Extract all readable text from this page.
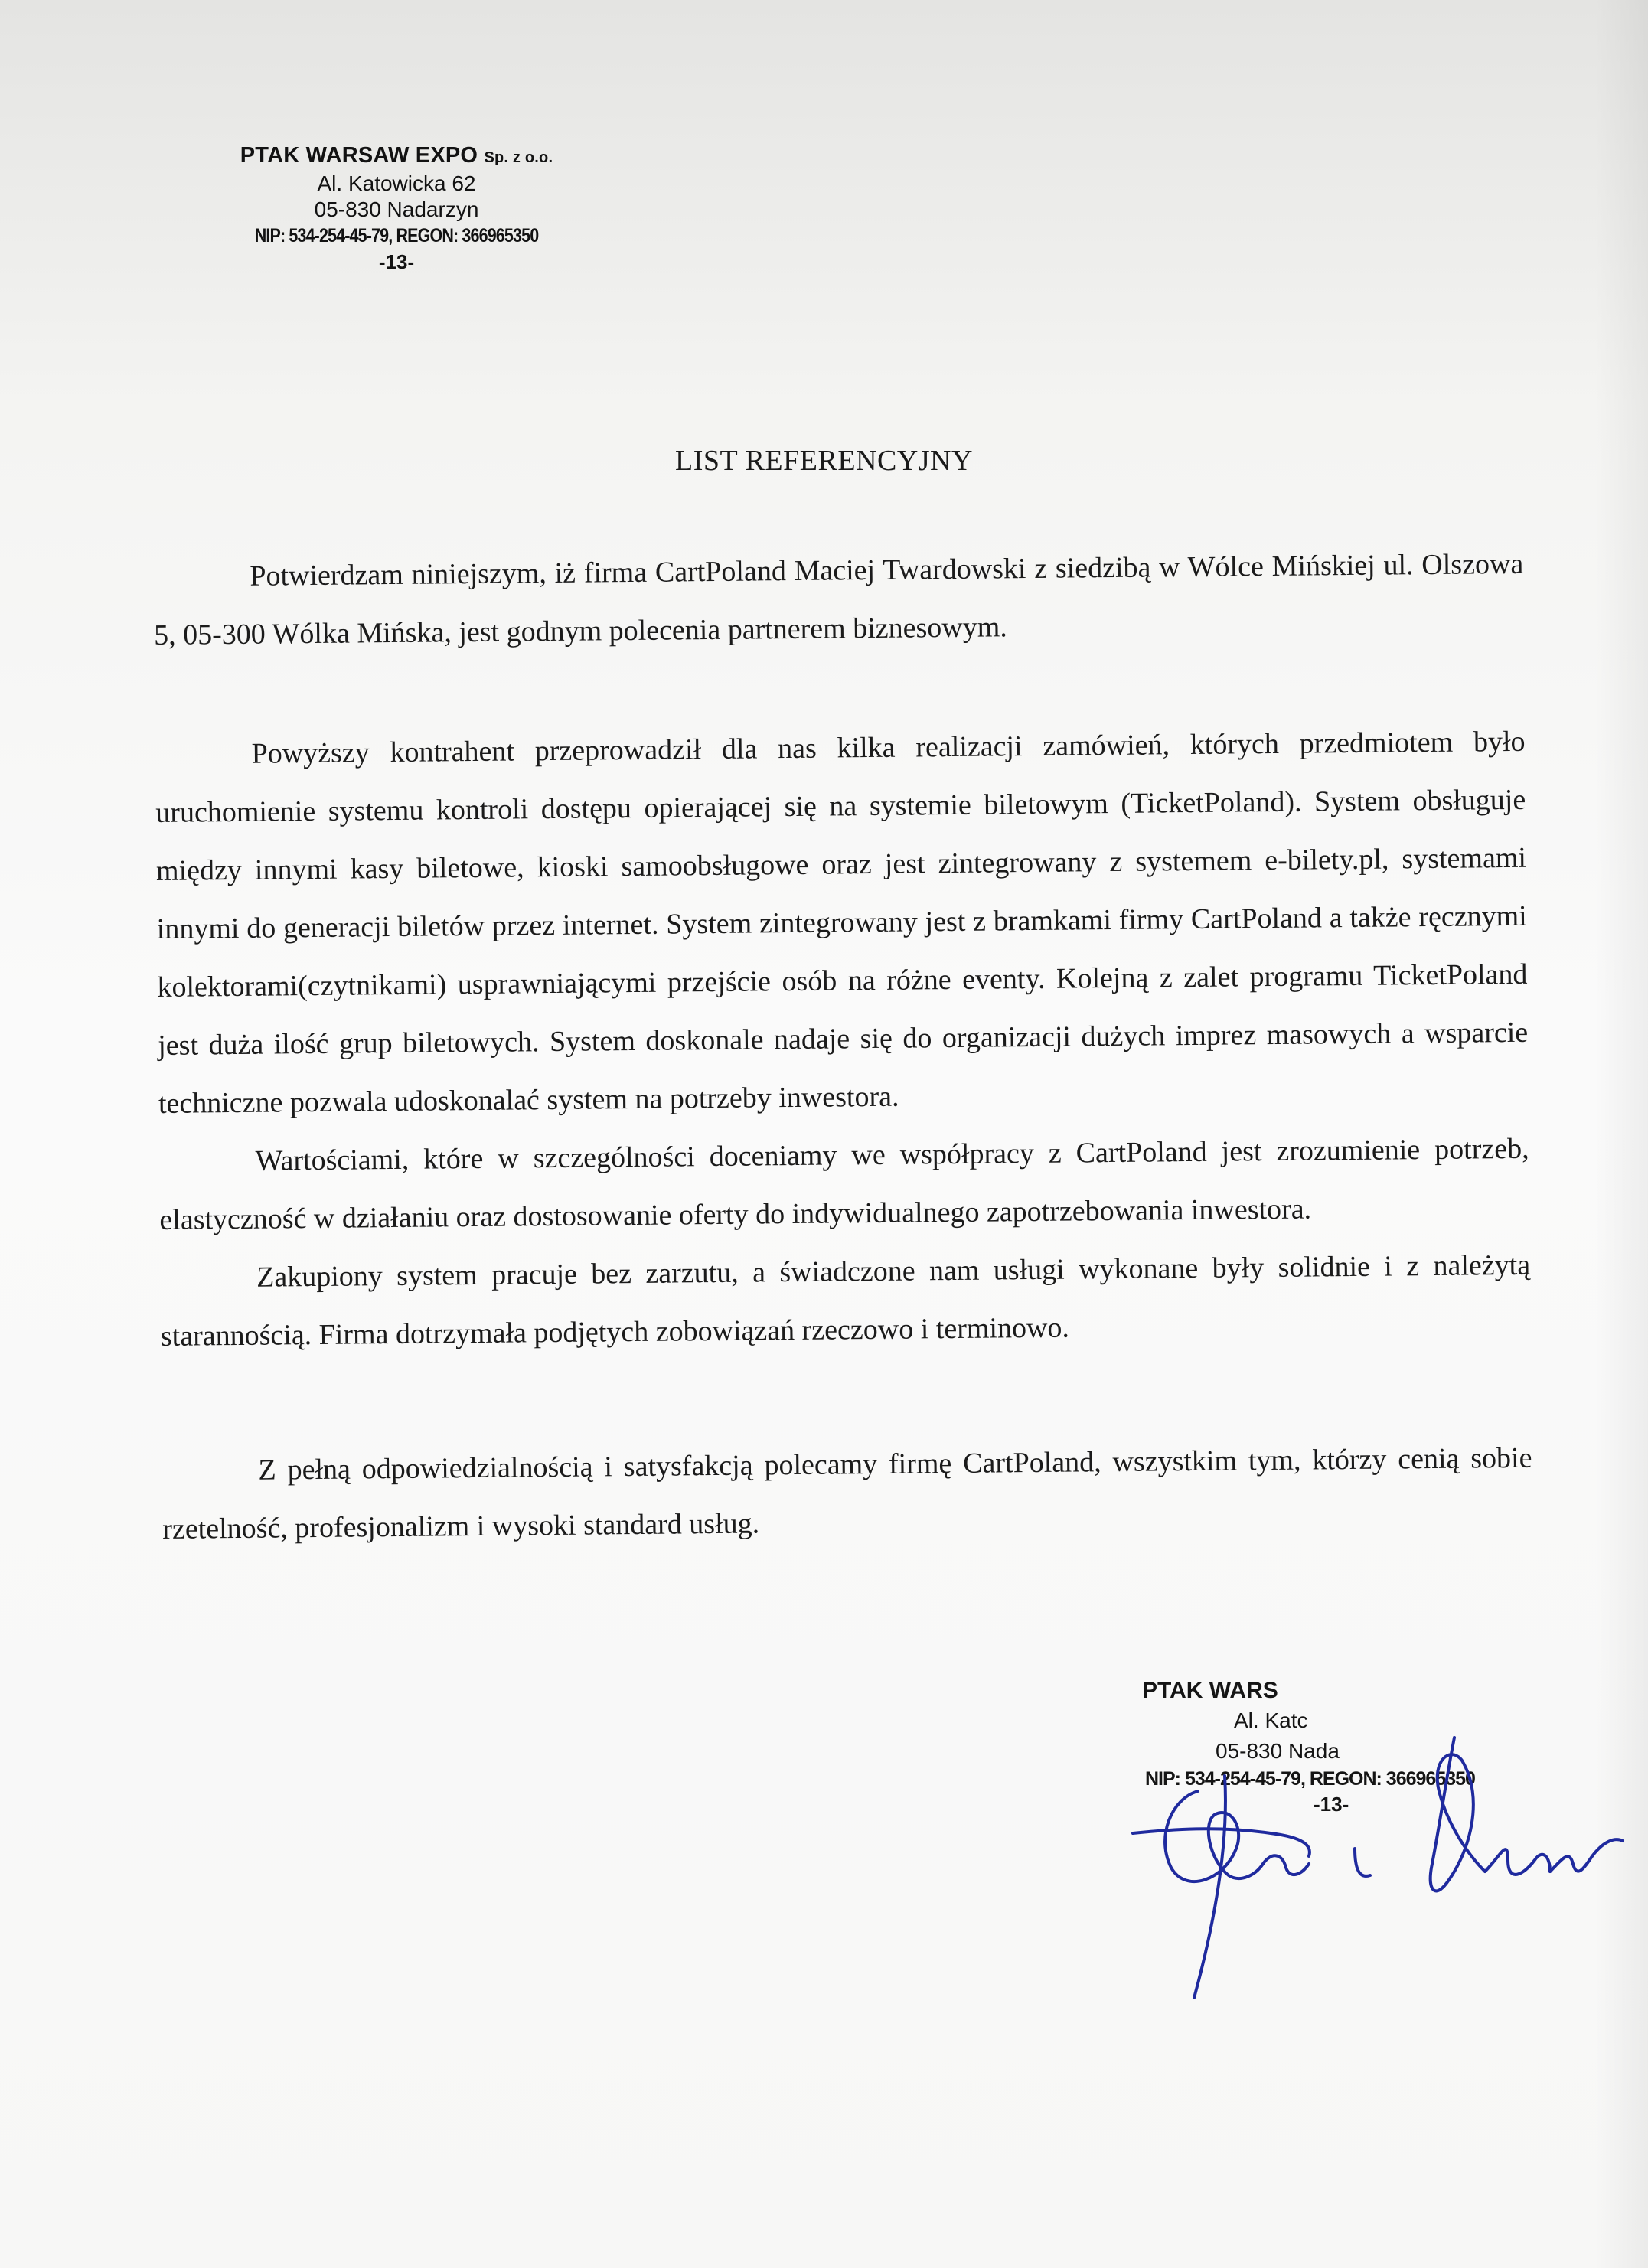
PTAK WARSAW EXPO Sp. z o.o.
Al. Katowicka 62
05-830 Nadarzyn
NIP: 534-254-45-79, REGON: 366965350
-13-
LIST REFERENCYJNY

Potwierdzam niniejszym, iż firma CartPoland Maciej Twardowski z siedzibą w Wólce Mińskiej ul. Olszowa 5, 05-300 Wólka Mińska, jest godnym polecenia partnerem biznesowym.

Powyższy kontrahent przeprowadził dla nas kilka realizacji zamówień, których przedmiotem było uruchomienie systemu kontroli dostępu opierającej się na systemie biletowym (TicketPoland). System obsługuje między innymi kasy biletowe, kioski samoobsługowe oraz jest zintegrowany z systemem e-bilety.pl, systemami innymi do generacji biletów przez internet. System zintegrowany jest z bramkami firmy CartPoland a także ręcznymi kolektorami(czytnikami) usprawniającymi przejście osób na różne eventy. Kolejną z zalet programu TicketPoland jest duża ilość grup biletowych. System doskonale nadaje się do organizacji dużych imprez masowych a wsparcie techniczne pozwala udoskonalać system na potrzeby inwestora.

Wartościami, które w szczególności doceniamy we współpracy z CartPoland jest zrozumienie potrzeb, elastyczność w działaniu oraz dostosowanie oferty do indywidualnego zapotrzebowania inwestora.

Zakupiony system pracuje bez zarzutu, a świadczone nam usługi wykonane były solidnie i z należytą starannością. Firma dotrzymała podjętych zobowiązań rzeczowo i terminowo.

Z pełną odpowiedzialnością i satysfakcją polecamy firmę CartPoland, wszystkim tym, którzy cenią sobie rzetelność, profesjonalizm i wysoki standard usług.

PTAK WARS
Al. Katc
05-830 Nada
NIP: 534-254-45-79, REGON: 366965350
-13-
